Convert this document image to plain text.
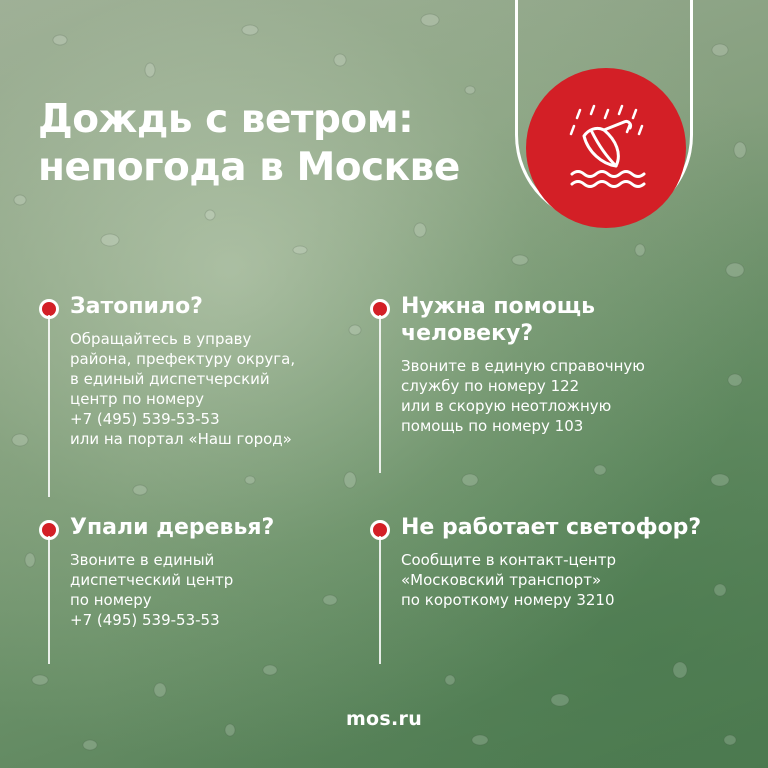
Дождь с ветром:
непогода в Москве
Затопило?

Обращайтесь в управу
района, префектуру округа,
в единый диспетчерский
центр по номеру
+7 (495) 539-53-53
или на портал «Наш город»

Нужна помощь
человеку?

Звоните в единую справочную
службу по номеру 122
или в скорую неотложную
помощь по номеру 103

Упали деревья?

Звоните в единый
диспетческий центр
по номеру
+7 (495) 539-53-53

Не работает светофор?

Сообщите в контакт-центр
«Московский транспорт»
по короткому номеру 3210

mos.ru
